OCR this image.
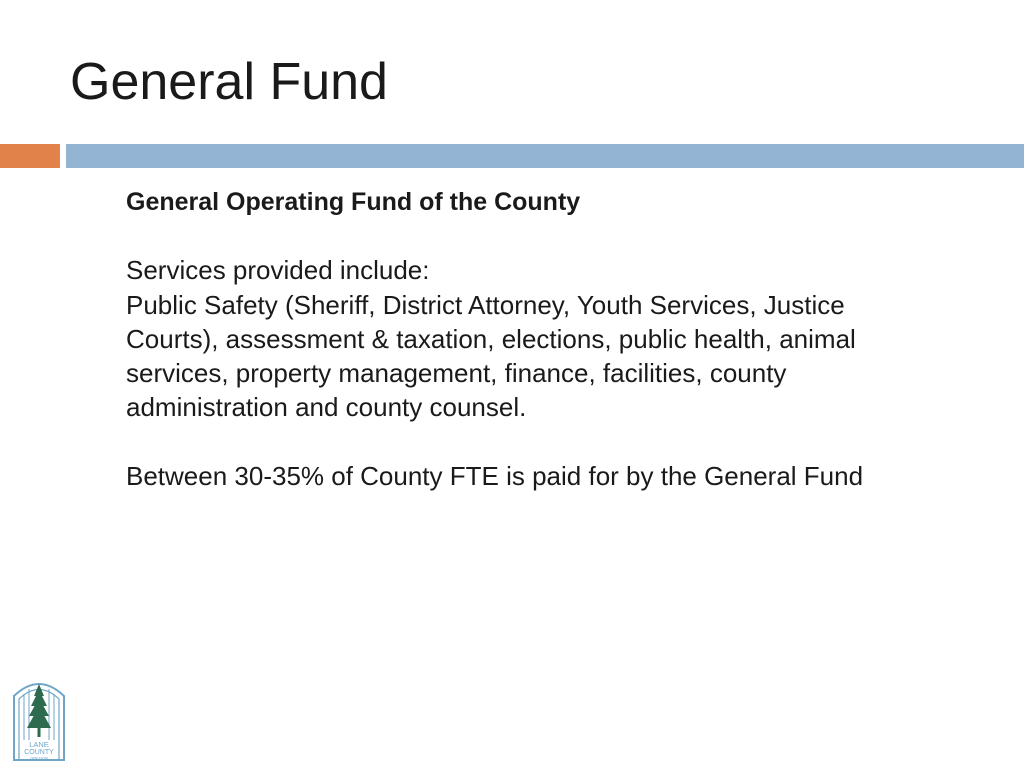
General Fund

General Operating Fund of the County

Services provided include:

Public Safety (Sheriff, District Attorney, Youth Services, Justice Courts), assessment & taxation, elections, public health, animal services, property management, finance, facilities, county administration and county counsel.

Between 30-35% of County FTE is paid for by the General Fund

LANE
COUNTY
OREGON
